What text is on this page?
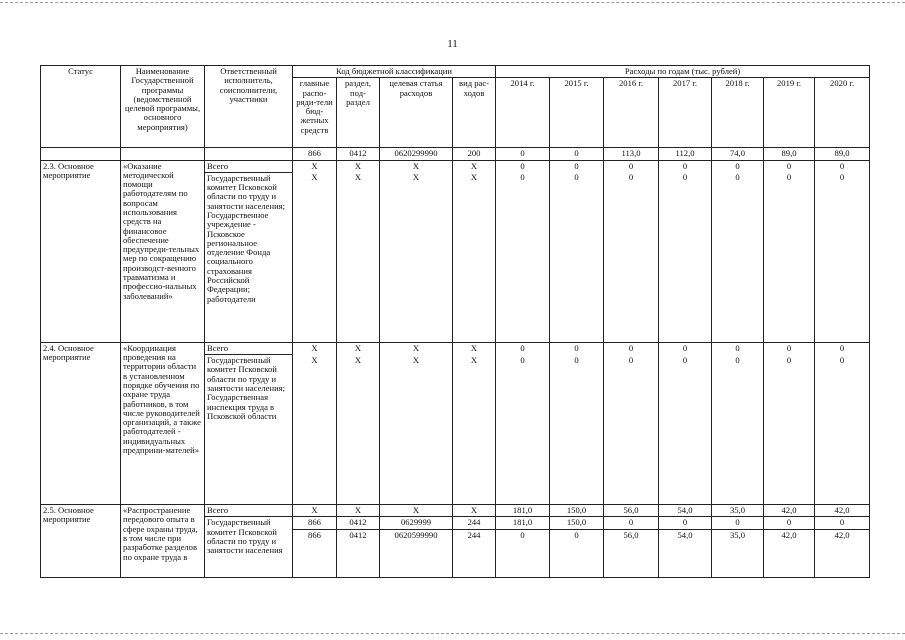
11
Статус	Наименование Государственной программы (ведомственной целевой программы, основного мероприятия)	Ответственный исполнитель, соисполнители, участники	Код бюджетной классификации				Расходы по годам (тыс. рублей)						
			главные распо-ряди-тели бюд-жетных средств	раздел, под-раздел	целевая статья расходов	вид рас-ходов	2014 г.	2015 г.	2016 г.	2017 г.	2018 г.	2019 г.	2020 г.
			866	0412	0620299990	200	0	0	113,0	112,0	74,0	89,0	89,0
2.3. Основное мероприятие	«Оказание методической помощи работодателям по вопросам использования средств на финансовое обеспечение предупреди-тельных мер по сокращению производст-венного травматизма и профессио-нальных заболеваний»	Всего	X	X	X	X	0	0	0	0	0	0	0
		Государственный комитет Псковской области по труду и занятости населения; Государственное учреждение - Псковское региональное отделение Фонда социального страхования Российской Федерации; работодатели	X	X	X	X	0	0	0	0	0	0	0
2.4. Основное мероприятие	«Координация проведения на территории области в установленном порядке обучения по охране труда работников, в том числе руководителей организаций, а также работодателей - индивидуальных предприни-мателей»	Всего	X	X	X	X	0	0	0	0	0	0	0
		Государственный комитет Псковской области по труду и занятости населения; Государственная инспекция труда в Псковской области	X	X	X	X	0	0	0	0	0	0	0
2.5. Основное мероприятие	«Распространение передового опыта в сфере охраны труда, в том числе при разработке разделов по охране труда в	Всего	X	X	X	X	181,0	150,0	56,0	54,0	35,0	42,0	42,0
		Государственный комитет Псковской области по труду и занятости населения	866	0412	0629999	244	181,0	150,0	0	0	0	0	0
			866	0412	0620599990	244	0	0	56,0	54,0	35,0	42,0	42,0
